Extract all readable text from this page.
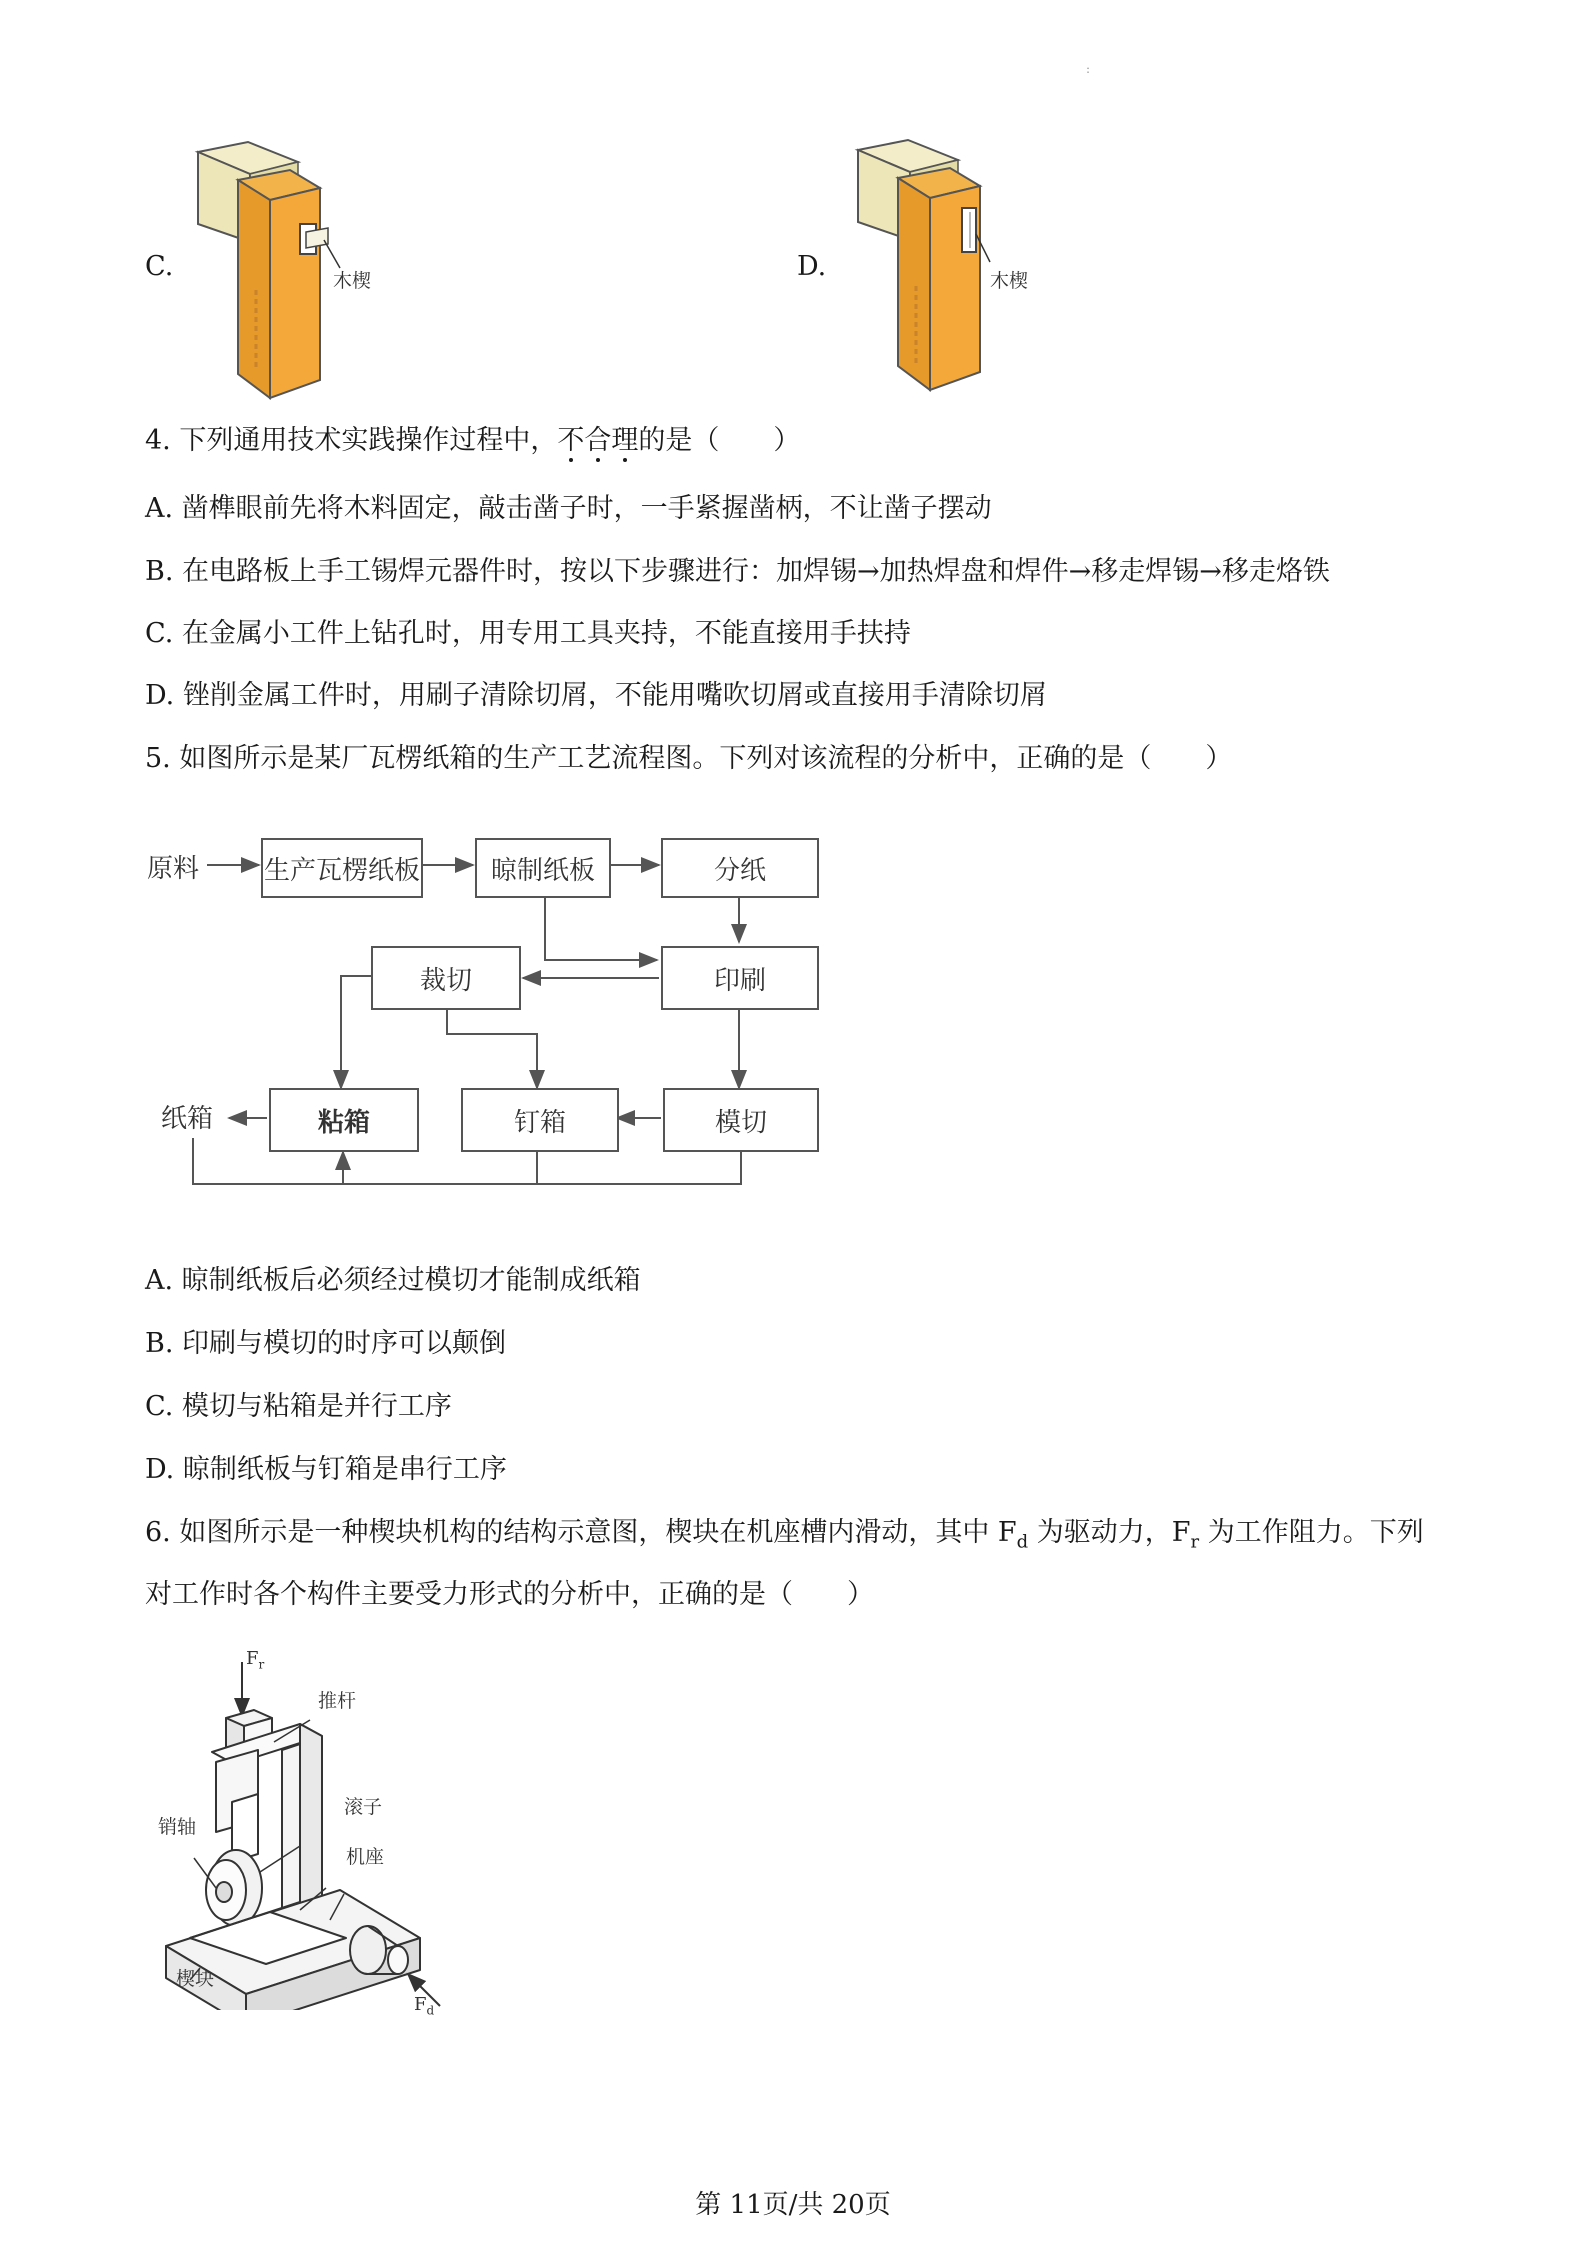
:
C.	木楔	D.	木楔
4. 下列通用技术实践操作过程中，不合理的是（　　）
A. 凿榫眼前先将木料固定，敲击凿子时，一手紧握凿柄，不让凿子摆动
B. 在电路板上手工锡焊元器件时，按以下步骤进行：加焊锡→加热焊盘和焊件→移走焊锡→移走烙铁
C. 在金属小工件上钻孔时，用专用工具夹持，不能直接用手扶持
D. 锉削金属工件时，用刷子清除切屑，不能用嘴吹切屑或直接用手清除切屑
5. 如图所示是某厂瓦楞纸箱的生产工艺流程图。下列对该流程的分析中，正确的是（　　）
原料 生产瓦楞纸板	晾制纸板	分纸
裁切	印刷
粘箱	钉箱	模切
纸箱
A. 晾制纸板后必须经过模切才能制成纸箱
B. 印刷与模切的时序可以颠倒
C. 模切与粘箱是并行工序
D. 晾制纸板与钉箱是串行工序
6. 如图所示是一种楔块机构的结构示意图，楔块在机座槽内滑动，其中 $F_d$ 为驱动力，$F_r$ 为工作阻力。下列
对工作时各个构件主要受力形式的分析中，正确的是（　　）
$F_r$
推杆
滚子
销轴
机座
楔块
$F_d$
第 11页/共 20页
